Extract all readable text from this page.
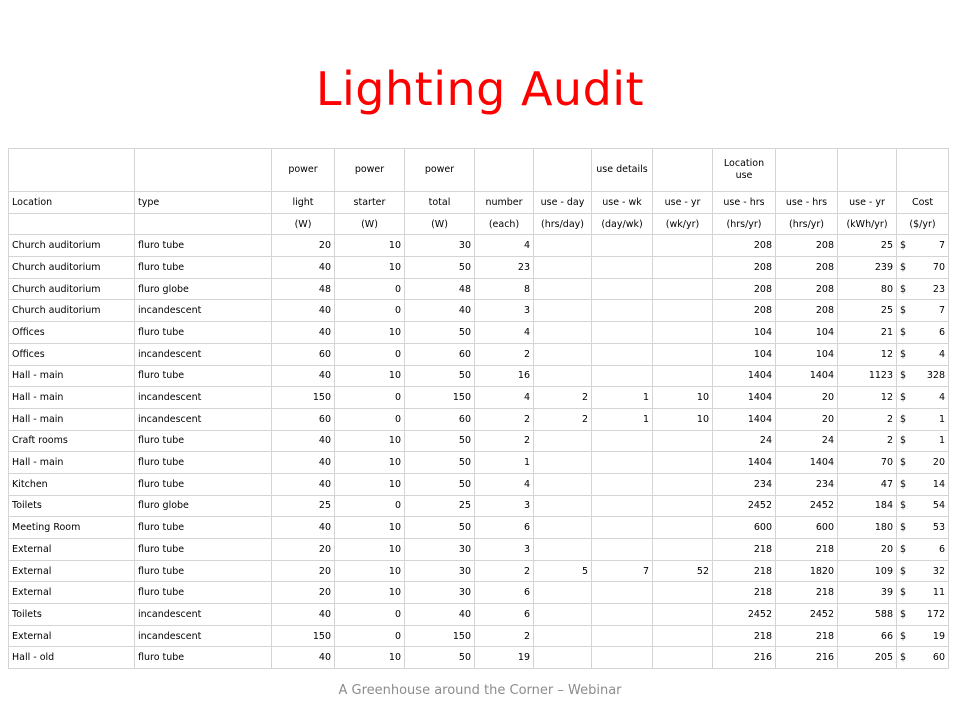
Lighting Audit

		power	power	power			use details		Location use			

Location	type	light	starter	total	number	use - day	use - wk	use - yr	use - hrs	use - hrs	use - yr	Cost
		(W)	(W)	(W)	(each)	(hrs/day)	(day/wk)	(wk/yr)	(hrs/yr)	(hrs/yr)	(kWh/yr)	($/yr)
Church auditorium	fluro tube	20	10	30	4				208	208	25	$ 7

Church auditorium	fluro tube	40	10	50	23				208	208	239	$ 70

Church auditorium	fluro globe	48	0	48	8				208	208	80	$ 23

Church auditorium	incandescent	40	0	40	3				208	208	25	$ 7

Offices	fluro tube	40	10	50	4				104	104	21	$ 6

Offices	incandescent	60	0	60	2				104	104	12	$ 4

Hall - main	fluro tube	40	10	50	16				1404	1404	1123	$ 328

Hall - main	incandescent	150	0	150	4	2	1	10	1404	20	12	$ 4

Hall - main	incandescent	60	0	60	2	2	1	10	1404	20	2	$ 1

Craft rooms	fluro tube	40	10	50	2				24	24	2	$ 1

Hall - main	fluro tube	40	10	50	1				1404	1404	70	$ 20

Kitchen	fluro tube	40	10	50	4				234	234	47	$ 14

Toilets	fluro globe	25	0	25	3				2452	2452	184	$ 54

Meeting Room	fluro tube	40	10	50	6				600	600	180	$ 53

External	fluro tube	20	10	30	3				218	218	20	$ 6

External	fluro tube	20	10	30	2	5	7	52	218	1820	109	$ 32

External	fluro tube	20	10	30	6				218	218	39	$ 11

Toilets	incandescent	40	0	40	6				2452	2452	588	$ 172

External	incandescent	150	0	150	2				218	218	66	$ 19

Hall - old	fluro tube	40	10	50	19				216	216	205	$ 60
A Greenhouse around the Corner – Webinar
